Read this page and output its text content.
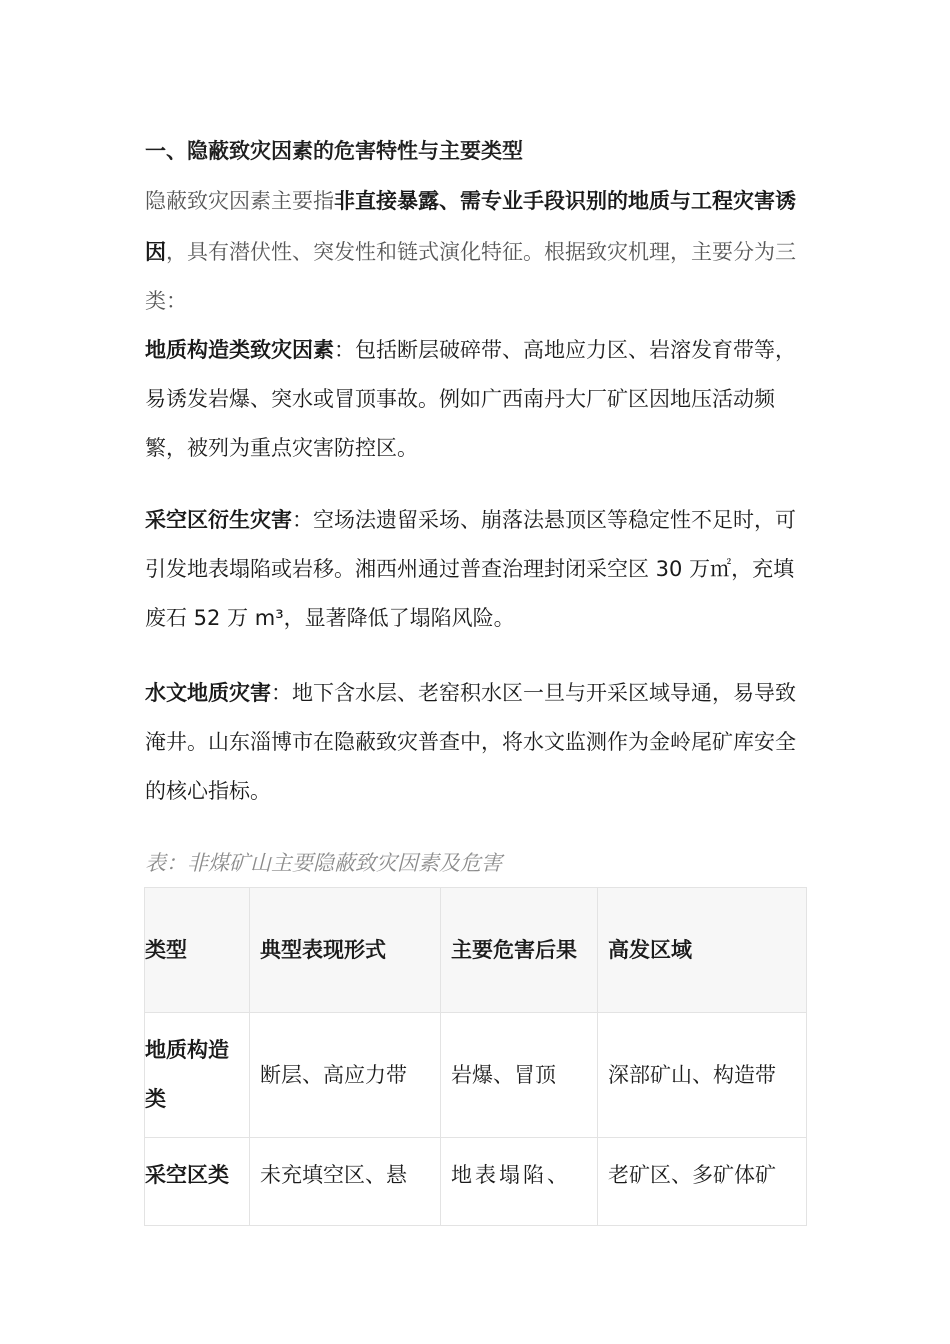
一、隐蔽致灾因素的危害特性与主要类型
隐蔽致灾因素主要指非直接暴露、需专业手段识别的地质与工程灾害诱因，具有潜伏性、突发性和链式演化特征。根据致灾机理，主要分为三类：
地质构造类致灾因素：包括断层破碎带、高地应力区、岩溶发育带等，易诱发岩爆、突水或冒顶事故。例如广西南丹大厂矿区因地压活动频繁，被列为重点灾害防控区。
采空区衍生灾害：空场法遗留采场、崩落法悬顶区等稳定性不足时，可引发地表塌陷或岩移。湘西州通过普查治理封闭采空区 30 万㎡，充填废石 52 万 m³，显著降低了塌陷风险。
水文地质灾害：地下含水层、老窑积水区一旦与开采区域导通，易导致淹井。山东淄博市在隐蔽致灾普查中，将水文监测作为金岭尾矿库安全的核心指标。
表：非煤矿山主要隐蔽致灾因素及危害
类型	典型表现形式	主要危害后果	高发区域
地质构造类	断层、高应力带	岩爆、冒顶	深部矿山、构造带
采空区类	未充填空区、悬	地表塌陷、	老矿区、多矿体矿
